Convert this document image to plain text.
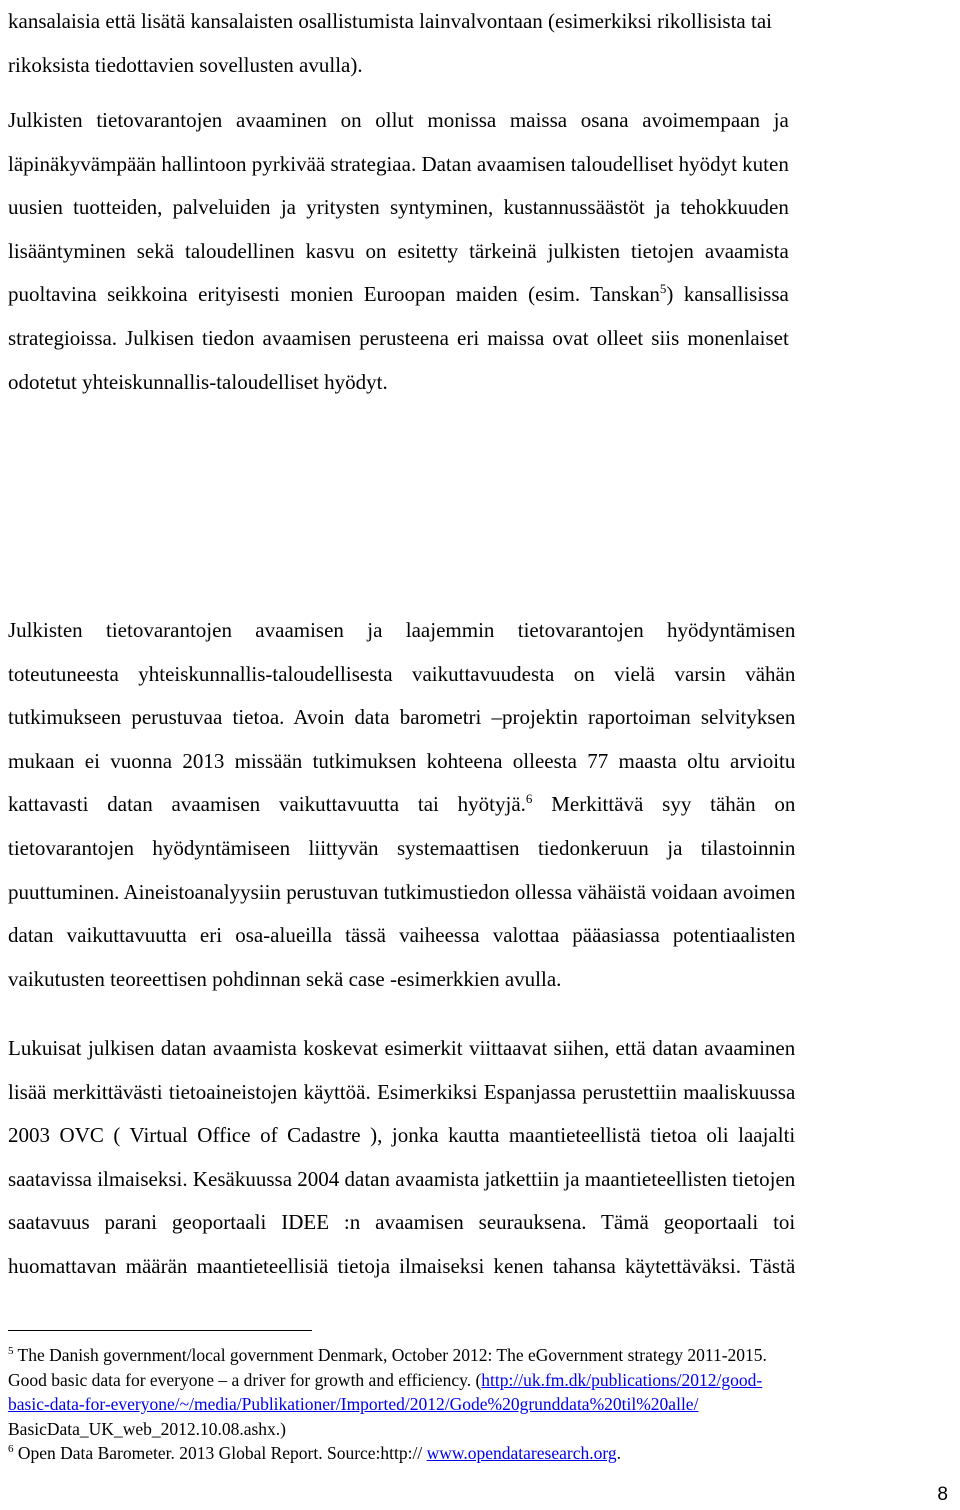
kansalaisia että lisätä kansalaisten osallistumista lainvalvontaan (esimerkiksi rikollisista tai
rikoksista tiedottavien sovellusten avulla).
Julkisten tietovarantojen avaaminen on ollut monissa maissa osana avoimempaan ja
läpinäkyvämpään hallintoon pyrkivää strategiaa. Datan avaamisen taloudelliset hyödyt kuten
uusien tuotteiden, palveluiden ja yritysten syntyminen, kustannussäästöt ja tehokkuuden
lisääntyminen sekä taloudellinen kasvu on esitetty tärkeinä julkisten tietojen avaamista
puoltavina seikkoina erityisesti monien Euroopan maiden (esim. Tanskan$^5$) kansallisissa
strategioissa. Julkisen tiedon avaamisen perusteena eri maissa ovat olleet siis monenlaiset
odotetut yhteiskunnallis-taloudelliset hyödyt.
Julkisten tietovarantojen avaamisen ja laajemmin tietovarantojen hyödyntämisen
toteutuneesta yhteiskunnallis-taloudellisesta vaikuttavuudesta on vielä varsin vähän
tutkimukseen perustuvaa tietoa. Avoin data barometri –projektin raportoiman selvityksen
mukaan ei vuonna 2013 missään tutkimuksen kohteena olleesta 77 maasta oltu arvioitu
kattavasti datan avaamisen vaikuttavuutta tai hyötyjä.$^6$ Merkittävä syy tähän on
tietovarantojen hyödyntämiseen liittyvän systemaattisen tiedonkeruun ja tilastoinnin
puuttuminen. Aineistoanalyysiin perustuvan tutkimustiedon ollessa vähäistä voidaan avoimen
datan vaikuttavuutta eri osa-alueilla tässä vaiheessa valottaa pääasiassa potentiaalisten
vaikutusten teoreettisen pohdinnan sekä case -esimerkkien avulla.
Lukuisat julkisen datan avaamista koskevat esimerkit viittaavat siihen, että datan avaaminen
lisää merkittävästi tietoaineistojen käyttöä. Esimerkiksi Espanjassa perustettiin maaliskuussa
2003 OVC ( Virtual Office of Cadastre ), jonka kautta maantieteellistä tietoa oli laajalti
saatavissa ilmaiseksi. Kesäkuussa 2004 datan avaamista jatkettiin ja maantieteellisten tietojen
saatavuus parani geoportaali IDEE :n avaamisen seurauksena. Tämä geoportaali toi
huomattavan määrän maantieteellisiä tietoja ilmaiseksi kenen tahansa käytettäväksi. Tästä
$^5$ The Danish government/local government Denmark, October 2012: The eGovernment strategy 2011-2015.
Good basic data for everyone – a driver for growth and efficiency. (http://uk.fm.dk/publications/2012/good-
basic-data-for-everyone/~/media/Publikationer/Imported/2012/Gode%20grunddata%20til%20alle/
BasicData_UK_web_2012.10.08.ashx.)
$^6$ Open Data Barometer. 2013 Global Report. Source:http:// www.opendataresearch.org.
8
